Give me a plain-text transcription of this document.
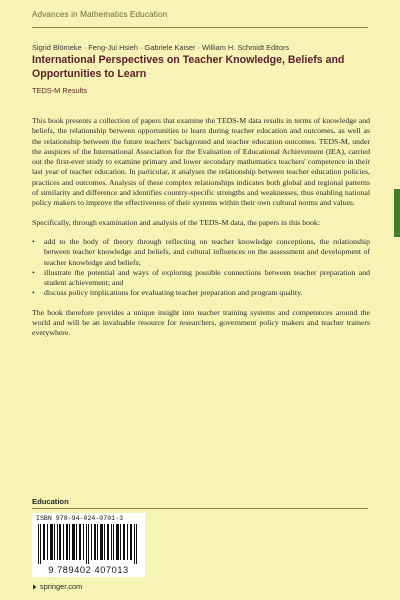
Advances in Mathematics Education
Sigrid Blömeke · Feng-Jui Hsieh · Gabriele Kaiser · William H. Schmidt Editors
International Perspectives on Teacher Knowledge, Beliefs and Opportunities to Learn
TEDS-M Results

This book presents a collection of papers that examine the TEDS-M data results in terms of knowledge and beliefs, the relationship between opportunities to learn during teacher education and outcomes, as well as the relationship between the future teachers' background and teacher education outcomes. TEDS-M, under the auspices of the International Association for the Evaluation of Educational Achievement (IEA), carried out the first-ever study to examine primary and lower secondary mathematics teachers' competence in their last year of teacher education. In particular, it analyses the relationship between teacher education policies, practices and outcomes. Analysis of these complex relationships indicates both global and regional patterns of similarity and difference and identifies country-specific strengths and weaknesses, thus enabling national policy makers to improve the effectiveness of their systems within their own cultural norms and values.

Specifically, through examination and analysis of the TEDS-M data, the papers in this book:

• add to the body of theory through reflecting on teacher knowledge conceptions, the relationship between teacher knowledge and beliefs, and cultural influences on the assessment and development of teacher knowledge and beliefs;
• illustrate the potential and ways of exploring possible connections between teacher preparation and student achievement; and
• discuss policy implications for evaluating teacher preparation and program quality.

The book therefore provides a unique insight into teacher training systems and competences around the world and will be an invaluable resource for researchers, government policy makers and teacher trainers everywhere.

Education
ISBN 978-94-024-0701-3
9 789402 407013
springer.com
